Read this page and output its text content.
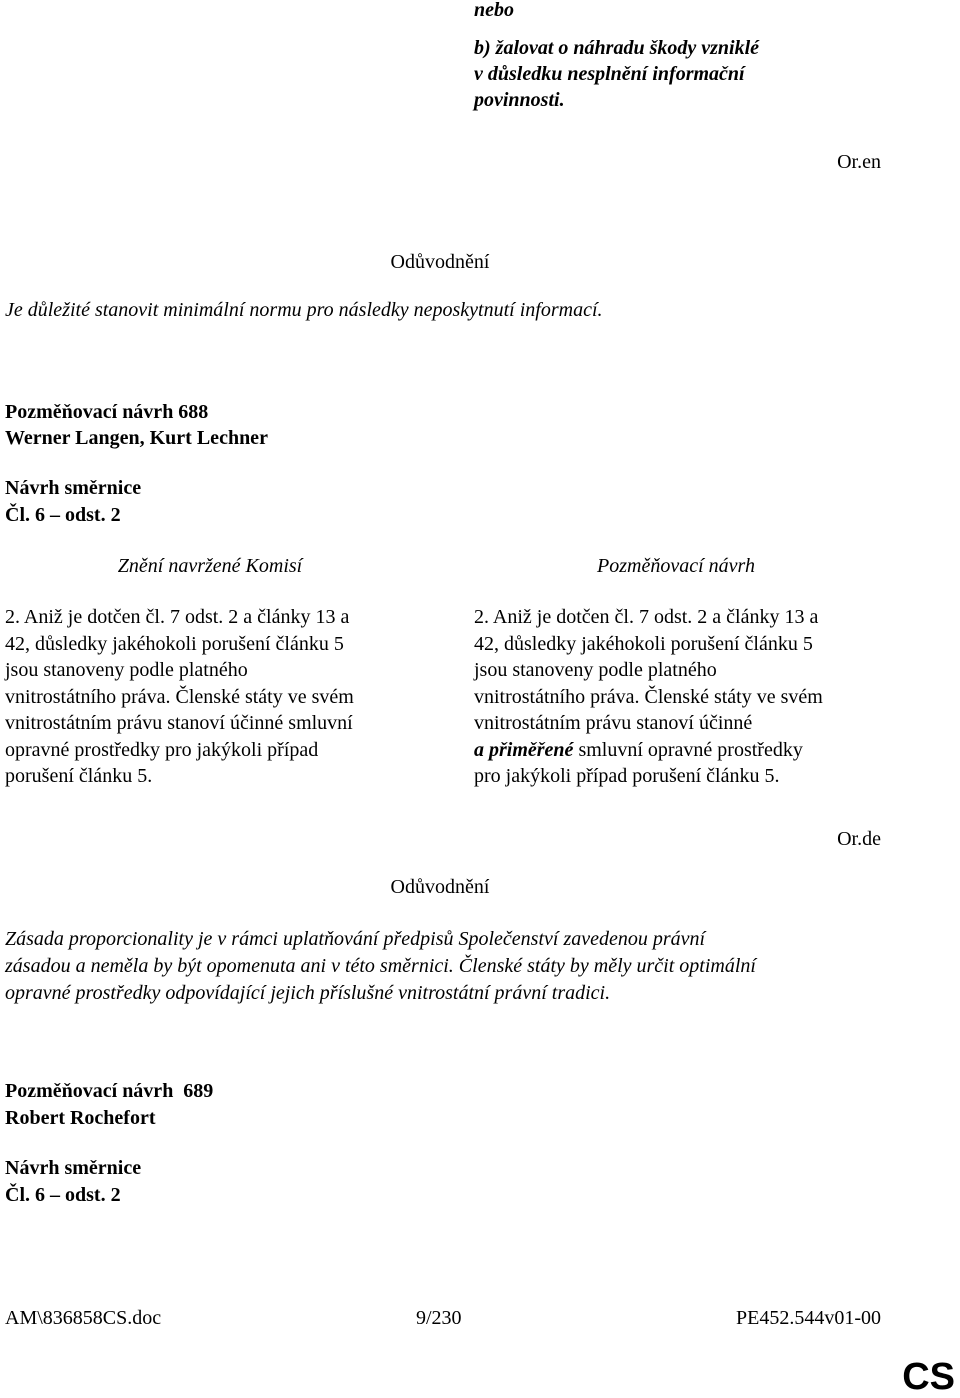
nebo
b) žalovat o náhradu škody vzniklé
v důsledku nesplnění informační
povinnosti.
Or.en
Odůvodnění
Je důležité stanovit minimální normu pro následky neposkytnutí informací.
Pozměňovací návrh 688
Werner Langen, Kurt Lechner
Návrh směrnice
Čl. 6 – odst. 2
Znění navržené Komisí	Pozměňovací návrh
2. Aniž je dotčen čl. 7 odst. 2 a články 13 a
42, důsledky jakéhokoli porušení článku 5
jsou stanoveny podle platného
vnitrostátního práva. Členské státy ve svém
vnitrostátním právu stanoví účinné smluvní
opravné prostředky pro jakýkoli případ
porušení článku 5.
2. Aniž je dotčen čl. 7 odst. 2 a články 13 a
42, důsledky jakéhokoli porušení článku 5
jsou stanoveny podle platného
vnitrostátního práva. Členské státy ve svém
vnitrostátním právu stanoví účinné
a přiměřené smluvní opravné prostředky
pro jakýkoli případ porušení článku 5.
Or.de
Odůvodnění
Zásada proporcionality je v rámci uplatňování předpisů Společenství zavedenou právní
zásadou a neměla by být opomenuta ani v této směrnici. Členské státy by měly určit optimální
opravné prostředky odpovídající jejich příslušné vnitrostátní právní tradici.
Pozměňovací návrh  689
Robert Rochefort
Návrh směrnice
Čl. 6 – odst. 2
AM\836858CS.doc	9/230	PE452.544v01-00
CS
